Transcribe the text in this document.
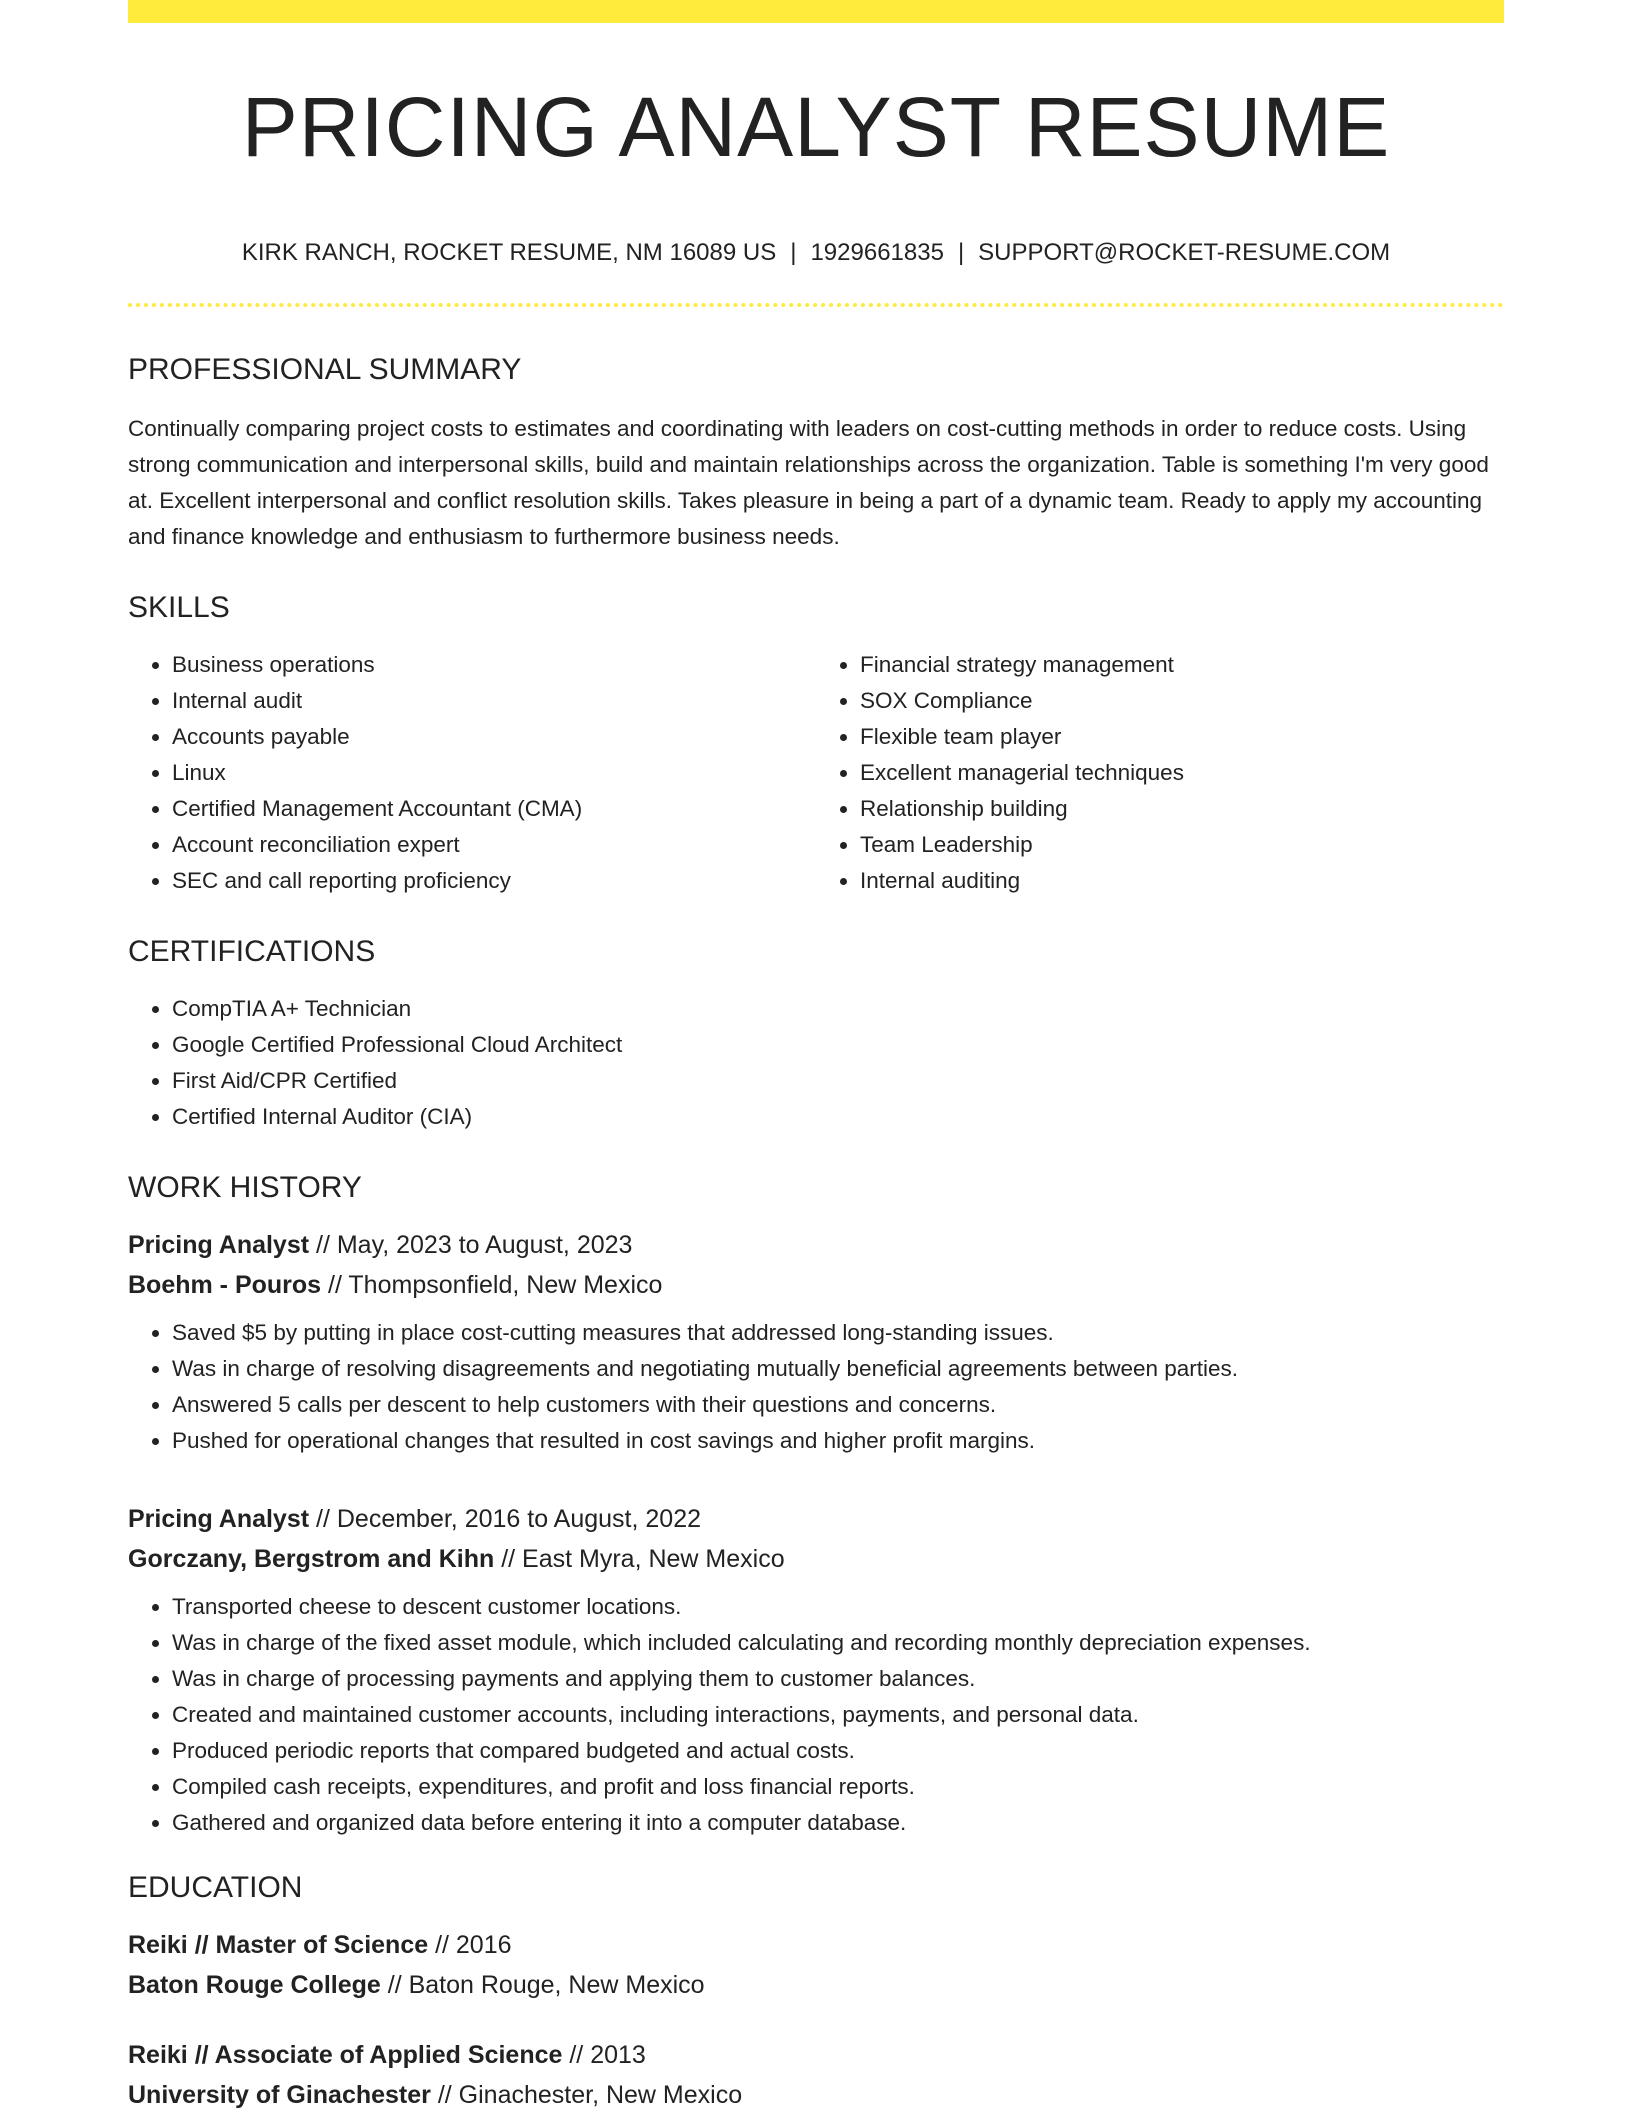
PRICING ANALYST RESUME
KIRK RANCH, ROCKET RESUME, NM 16089 US | 1929661835 | SUPPORT@ROCKET-RESUME.COM
PROFESSIONAL SUMMARY

Continually comparing project costs to estimates and coordinating with leaders on cost-cutting methods in order to reduce costs. Using strong communication and interpersonal skills, build and maintain relationships across the organization. Table is something I'm very good at. Excellent interpersonal and conflict resolution skills. Takes pleasure in being a part of a dynamic team. Ready to apply my accounting and finance knowledge and enthusiasm to furthermore business needs.

SKILLS
• Business operations
• Internal audit
• Accounts payable
• Linux
• Certified Management Accountant (CMA)
• Account reconciliation expert
• SEC and call reporting proficiency
• Financial strategy management
• SOX Compliance
• Flexible team player
• Excellent managerial techniques
• Relationship building
• Team Leadership
• Internal auditing
CERTIFICATIONS
• CompTIA A+ Technician
• Google Certified Professional Cloud Architect
• First Aid/CPR Certified
• Certified Internal Auditor (CIA)
WORK HISTORY
Pricing Analyst // May, 2023 to August, 2023
Boehm - Pouros // Thompsonfield, New Mexico
• Saved $5 by putting in place cost-cutting measures that addressed long-standing issues.
• Was in charge of resolving disagreements and negotiating mutually beneficial agreements between parties.
• Answered 5 calls per descent to help customers with their questions and concerns.
• Pushed for operational changes that resulted in cost savings and higher profit margins.
Pricing Analyst // December, 2016 to August, 2022
Gorczany, Bergstrom and Kihn // East Myra, New Mexico
• Transported cheese to descent customer locations.
• Was in charge of the fixed asset module, which included calculating and recording monthly depreciation expenses.
• Was in charge of processing payments and applying them to customer balances.
• Created and maintained customer accounts, including interactions, payments, and personal data.
• Produced periodic reports that compared budgeted and actual costs.
• Compiled cash receipts, expenditures, and profit and loss financial reports.
• Gathered and organized data before entering it into a computer database.
EDUCATION
Reiki // Master of Science // 2016
Baton Rouge College // Baton Rouge, New Mexico
Reiki // Associate of Applied Science // 2013
University of Ginachester // Ginachester, New Mexico
